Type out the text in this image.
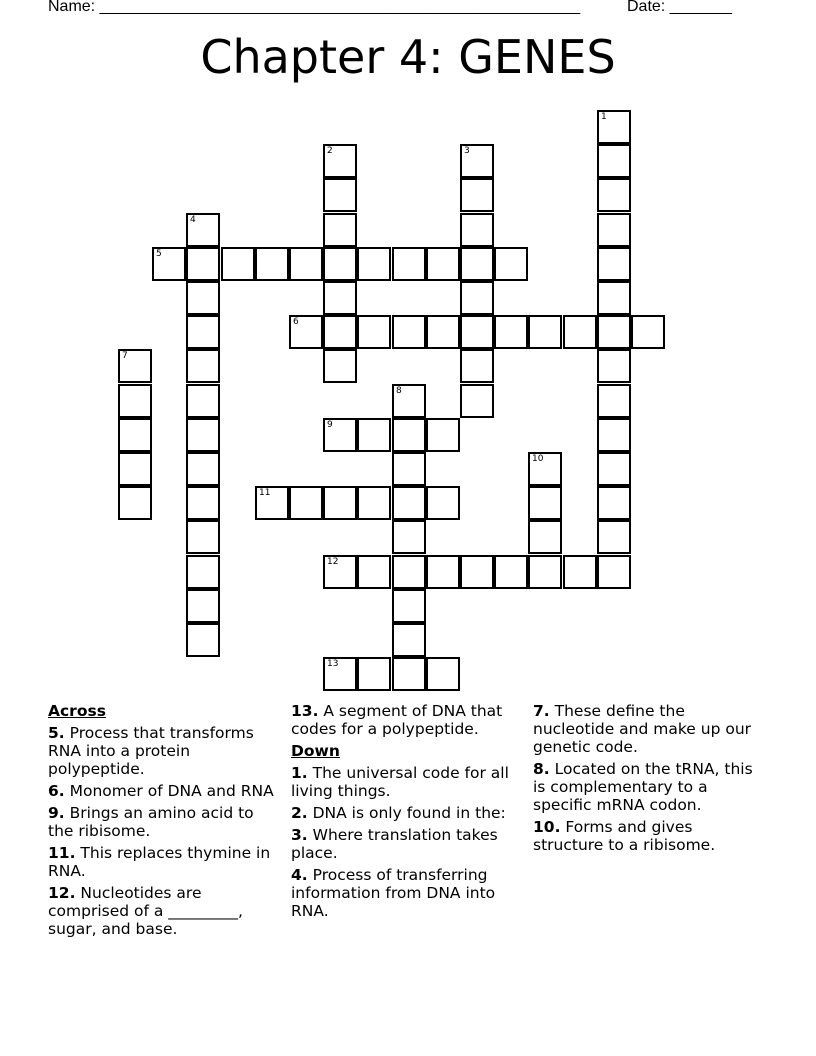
Name: ______________________________________________________	Date: _______
Chapter 4: GENES
1
2	3
4
5
6
7
8
9
10
11
12
13
Across
5. Process that transforms RNA into a protein polypeptide.
6. Monomer of DNA and RNA
9. Brings an amino acid to the ribisome.
11. This replaces thymine in RNA.
12. Nucleotides are comprised of a _________, sugar, and base.
13. A segment of DNA that codes for a polypeptide.
Down
1. The universal code for all living things.
2. DNA is only found in the:
3. Where translation takes place.
4. Process of transferring information from DNA into RNA.
7. These define the nucleotide and make up our genetic code.
8. Located on the tRNA, this is complementary to a specific mRNA codon.
10. Forms and gives structure to a ribisome.
